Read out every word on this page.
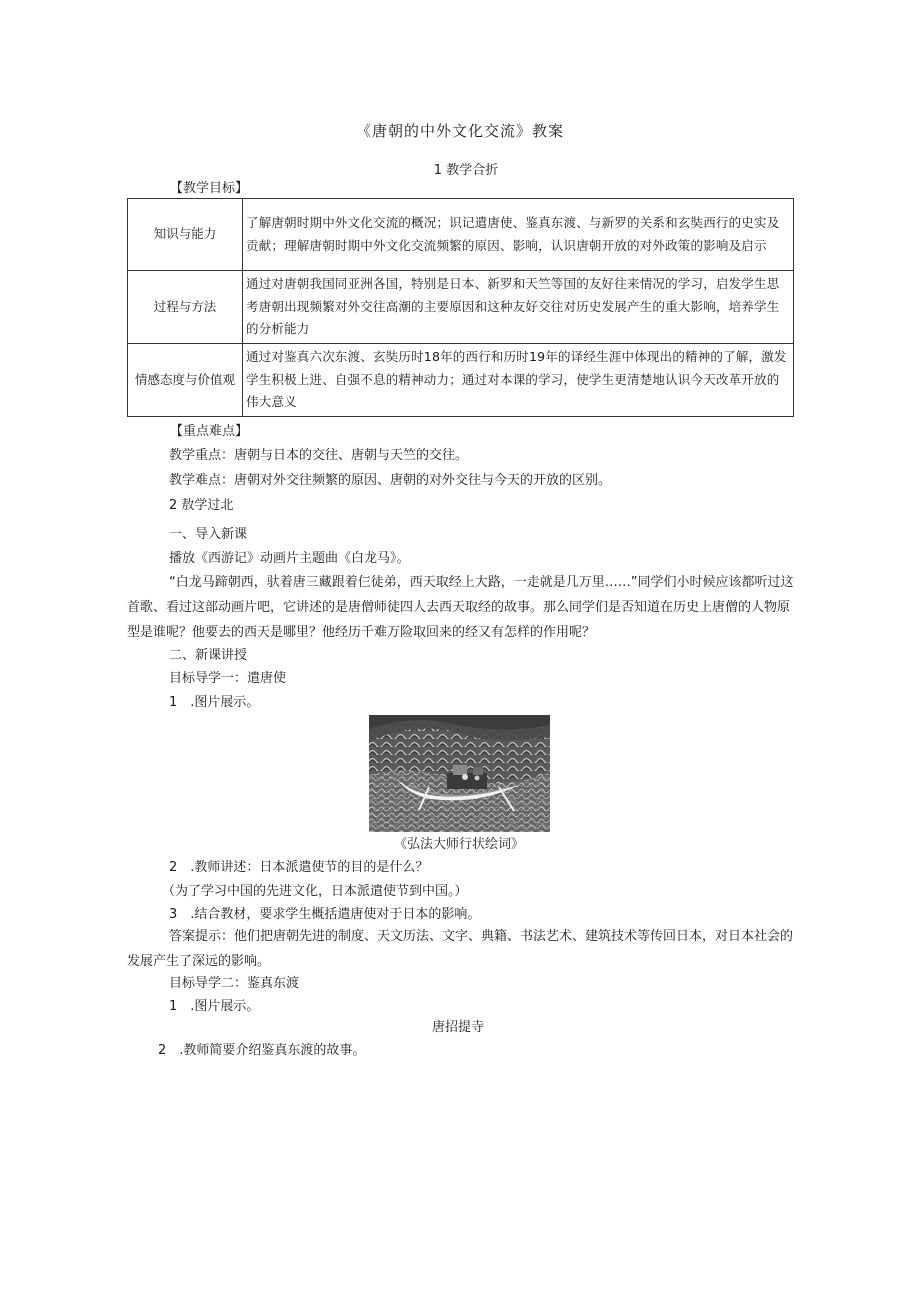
《唐朝的中外文化交流》教案
1 教学合折
【教学目标】
知识与能力	了解唐朝时期中外文化交流的概况；识记遣唐使、鉴真东渡、与新罗的关系和玄奘西行的史实及贡献；理解唐朝时期中外文化交流频繁的原因、影响，认识唐朝开放的对外政策的影响及启示
过程与方法	通过对唐朝我国同亚洲各国，特别是日本、新罗和天竺等国的友好往来情况的学习，启发学生思考唐朝出现频繁对外交往高潮的主要原因和这种友好交往对历史发展产生的重大影响，培养学生的分析能力
情感态度与价值观	通过对鉴真六次东渡、玄奘历时18年的西行和历时19年的译经生涯中体现出的精神的了解，激发学生积极上进、自强不息的精神动力；通过对本课的学习，使学生更清楚地认识今天改革开放的伟大意义
【重点难点】
教学重点：唐朝与日本的交往、唐朝与天竺的交往。
教学难点：唐朝对外交往频繁的原因、唐朝的对外交往与今天的开放的区别。
2 敖学过北
一、导入新课
播放《西游记》动画片主题曲《白龙马》。
“白龙马蹄朝西，驮着唐三藏跟着仨徒弟，西天取经上大路，一走就是几万里……”同学们小时候应该都听过这首歌、看过这部动画片吧，它讲述的是唐僧师徒四人去西天取经的故事。那么同学们是否知道在历史上唐僧的人物原型是谁呢？他要去的西天是哪里？他经历千难万险取回来的经又有怎样的作用呢？
二、新课讲授
目标导学一：遣唐使
1　.图片展示。
《弘法大师行状绘词》
2　.教师讲述：日本派遣使节的目的是什么？
（为了学习中国的先进文化，日本派遣使节到中国。）
3　.结合教材，要求学生概括遣唐使对于日本的影响。
答案提示：他们把唐朝先进的制度、天文历法、文字、典籍、书法艺术、建筑技术等传回日本，对日本社会的发展产生了深远的影响。
目标导学二：鉴真东渡
1　.图片展示。
唐招提寺
2　.教师简要介绍鉴真东渡的故事。
